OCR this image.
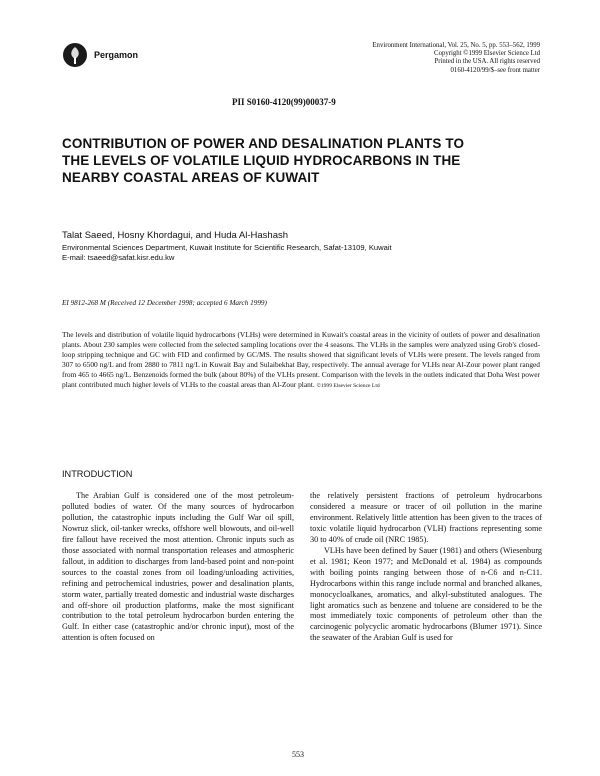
Pergamon
Environment International, Vol. 25, No. 5, pp. 553–562, 1999
Copyright ©1999 Elsevier Science Ltd
Printed in the USA. All rights reserved
0160-4120/99/$–see front matter
PII S0160-4120(99)00037-9
CONTRIBUTION OF POWER AND DESALINATION PLANTS TO THE LEVELS OF VOLATILE LIQUID HYDROCARBONS IN THE NEARBY COASTAL AREAS OF KUWAIT
Talat Saeed, Hosny Khordagui, and Huda Al-Hashash
Environmental Sciences Department, Kuwait Institute for Scientific Research, Safat-13109, Kuwait
E-mail: tsaeed@safat.kisr.edu.kw
EI 9812-268 M (Received 12 December 1998; accepted 6 March 1999)
The levels and distribution of volatile liquid hydrocarbons (VLHs) were determined in Kuwait's coastal areas in the vicinity of outlets of power and desalination plants. About 230 samples were collected from the selected sampling locations over the 4 seasons. The VLHs in the samples were analyzed using Grob's closed-loop stripping technique and GC with FID and confirmed by GC/MS. The results showed that significant levels of VLHs were present. The levels ranged from 307 to 6500 ng/L and from 2880 to 7811 ng/L in Kuwait Bay and Sulaibekhat Bay, respectively. The annual average for VLHs near Al-Zour power plant ranged from 465 to 4665 ng/L. Benzenoids formed the bulk (about 80%) of the VLHs present. Comparison with the levels in the outlets indicated that Doha West power plant contributed much higher levels of VLHs to the coastal areas than Al-Zour plant. ©1999 Elsevier Science Ltd
INTRODUCTION

The Arabian Gulf is considered one of the most petroleum-polluted bodies of water. Of the many sources of hydrocarbon pollution, the catastrophic inputs including the Gulf War oil spill, Nowruz slick, oil-tanker wrecks, offshore well blowouts, and oil-well fire fallout have received the most attention. Chronic inputs such as those associated with normal transportation releases and atmospheric fallout, in addition to discharges from land-based point and non-point sources to the coastal zones from oil loading/unloading activities, refining and petrochemical industries, power and desalination plants, storm water, partially treated domestic and industrial waste discharges and off-shore oil production platforms, make the most significant contribution to the total petroleum hydrocarbon burden entering the Gulf. In either case (catastrophic and/or chronic input), most of the attention is often focused on

the relatively persistent fractions of petroleum hydrocarbons considered a measure or tracer of oil pollution in the marine environment. Relatively little attention has been given to the traces of toxic volatile liquid hydrocarbon (VLH) fractions representing some 30 to 40% of crude oil (NRC 1985).

VLHs have been defined by Sauer (1981) and others (Wiesenburg et al. 1981; Keon 1977; and McDonald et al. 1984) as compounds with boiling points ranging between those of n-C6 and n-C11. Hydrocarbons within this range include normal and branched alkanes, monocycloalkanes, aromatics, and alkyl-substituted analogues. The light aromatics such as benzene and toluene are considered to be the most immediately toxic components of petroleum other than the carcinogenic polycyclic aromatic hydrocarbons (Blumer 1971). Since the seawater of the Arabian Gulf is used for

553
